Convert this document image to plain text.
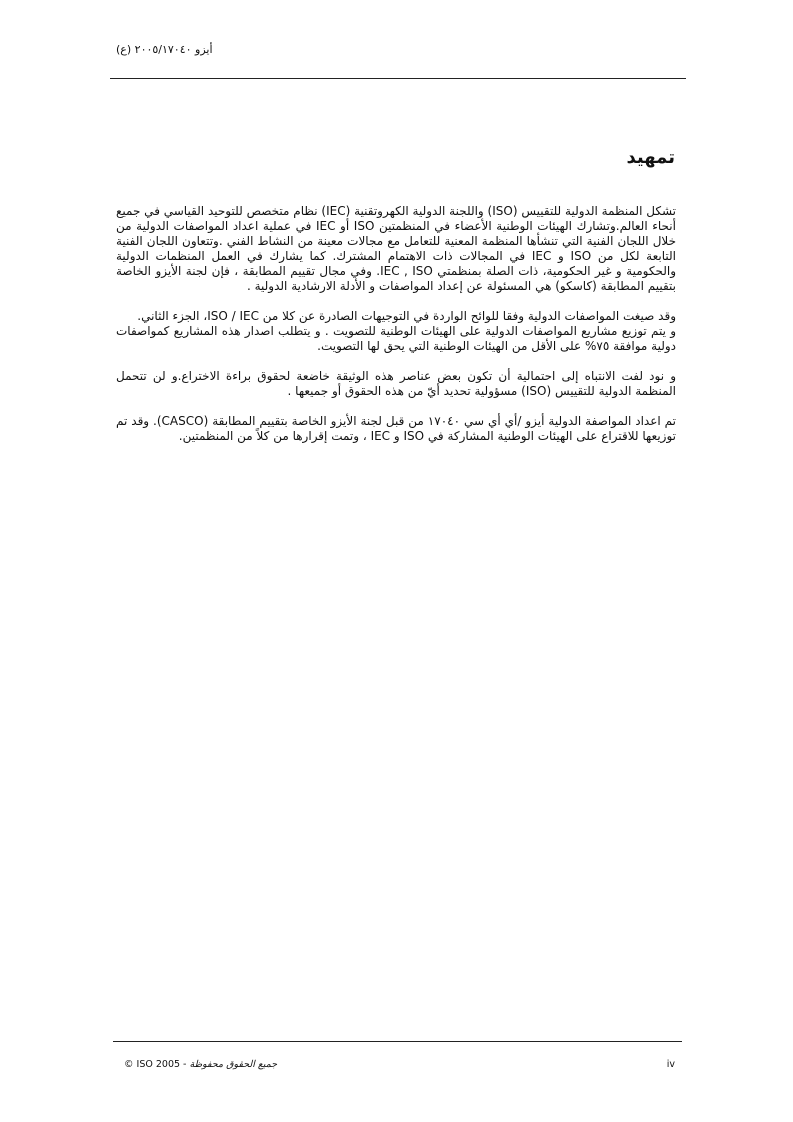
أيزو ٢٠٠٥/١٧٠٤٠ (ع)
تمهيد

تشكل المنظمة الدولية للتقييس (ISO) واللجنة الدولية الكهروتقنية (IEC) نظام متخصص للتوحيد القياسي في جميع أنحاء العالم.وتشارك الهيئات الوطنية الأعضاء في المنظمتين ISO أو IEC في عملية اعداد المواصفات الدولية من خلال اللجان الفنية التي تنشأها المنظمة المعنية للتعامل مع مجالات معينة من النشاط الفني .وتتعاون اللجان الفنية التابعة لكل من ISO و IEC في المجالات ذات الاهتمام المشترك. كما يشارك في العمل المنظمات الدولية والحكومية و غير الحكومية، ذات الصلة بمنظمتي IEC , ISO. وفي مجال تقييم المطابقة ، فإن لجنة الأيزو الخاصة بتقييم المطابقة (كاسكو) هي المسئولة عن إعداد المواصفات و الأدلة الارشادية الدولية .

وقد صيغت المواصفات الدولية وفقا للوائح الواردة في التوجيهات الصادرة عن كلا من ISO / IEC، الجزء الثاني.

و يتم توزيع مشاريع المواصفات الدولية على الهيئات الوطنية للتصويت . و يتطلب اصدار هذه المشاريع كمواصفات دولية موافقة ٧٥% على الأقل من الهيئات الوطنية التي يحق لها التصويت.

و نود لفت الانتباه إلى احتمالية أن تكون بعض عناصر هذه الوثيقة خاضعة لحقوق براءة الاختراع.و لن تتحمل المنظمة الدولية للتقييس (ISO) مسؤولية تحديد أيّ من هذه الحقوق أو جميعها .

تم اعداد المواصفة الدولية أيزو /أي أي سي ١٧٠٤٠ من قبل لجنة الأيزو الخاصة بتقييم المطابقة (CASCO). وقد تم توزيعها للاقتراع على الهيئات الوطنية المشاركة في ISO و IEC ، وتمت إقرارها من كلاً من المنظمتين.

© ISO 2005 - جميع الحقوق محفوظة	iv
